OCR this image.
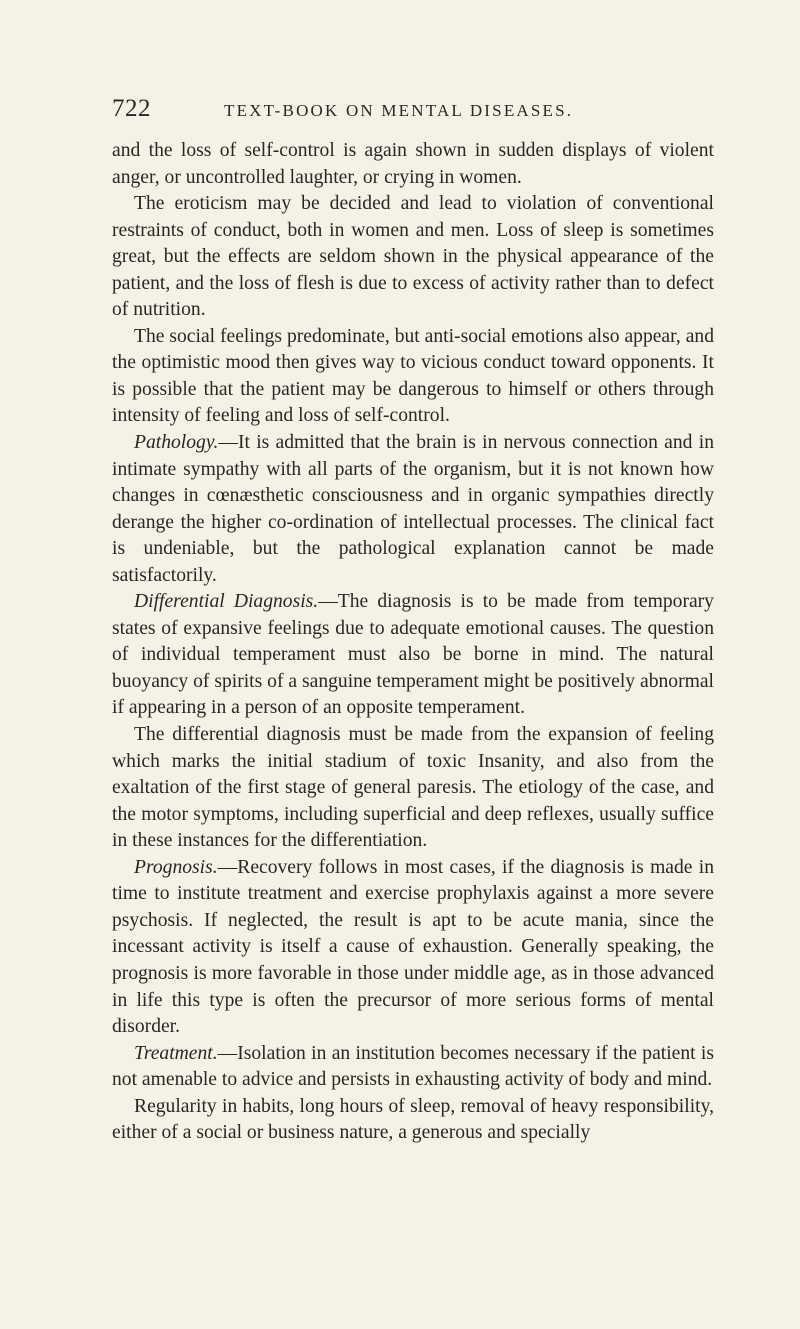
722	TEXT-BOOK ON MENTAL DISEASES.

and the loss of self-control is again shown in sudden displays of violent anger, or uncontrolled laughter, or crying in women.

The eroticism may be decided and lead to violation of conventional restraints of conduct, both in women and men. Loss of sleep is sometimes great, but the effects are seldom shown in the physical appearance of the patient, and the loss of flesh is due to excess of activity rather than to defect of nutrition.

The social feelings predominate, but anti-social emotions also appear, and the optimistic mood then gives way to vicious conduct toward opponents. It is possible that the patient may be dangerous to himself or others through intensity of feeling and loss of self-control.

Pathology.—It is admitted that the brain is in nervous connection and in intimate sympathy with all parts of the organism, but it is not known how changes in cœnæsthetic consciousness and in organic sympathies directly derange the higher co-ordination of intellectual processes. The clinical fact is undeniable, but the pathological explanation cannot be made satisfactorily.

Differential Diagnosis.—The diagnosis is to be made from temporary states of expansive feelings due to adequate emotional causes. The question of individual temperament must also be borne in mind. The natural buoyancy of spirits of a sanguine temperament might be positively abnormal if appearing in a person of an opposite temperament.

The differential diagnosis must be made from the expansion of feeling which marks the initial stadium of toxic Insanity, and also from the exaltation of the first stage of general paresis. The etiology of the case, and the motor symptoms, including superficial and deep reflexes, usually suffice in these instances for the differentiation.

Prognosis.—Recovery follows in most cases, if the diagnosis is made in time to institute treatment and exercise prophylaxis against a more severe psychosis. If neglected, the result is apt to be acute mania, since the incessant activity is itself a cause of exhaustion. Generally speaking, the prognosis is more favorable in those under middle age, as in those advanced in life this type is often the precursor of more serious forms of mental disorder.

Treatment.—Isolation in an institution becomes necessary if the patient is not amenable to advice and persists in exhausting activity of body and mind.

Regularity in habits, long hours of sleep, removal of heavy responsibility, either of a social or business nature, a generous and specially
